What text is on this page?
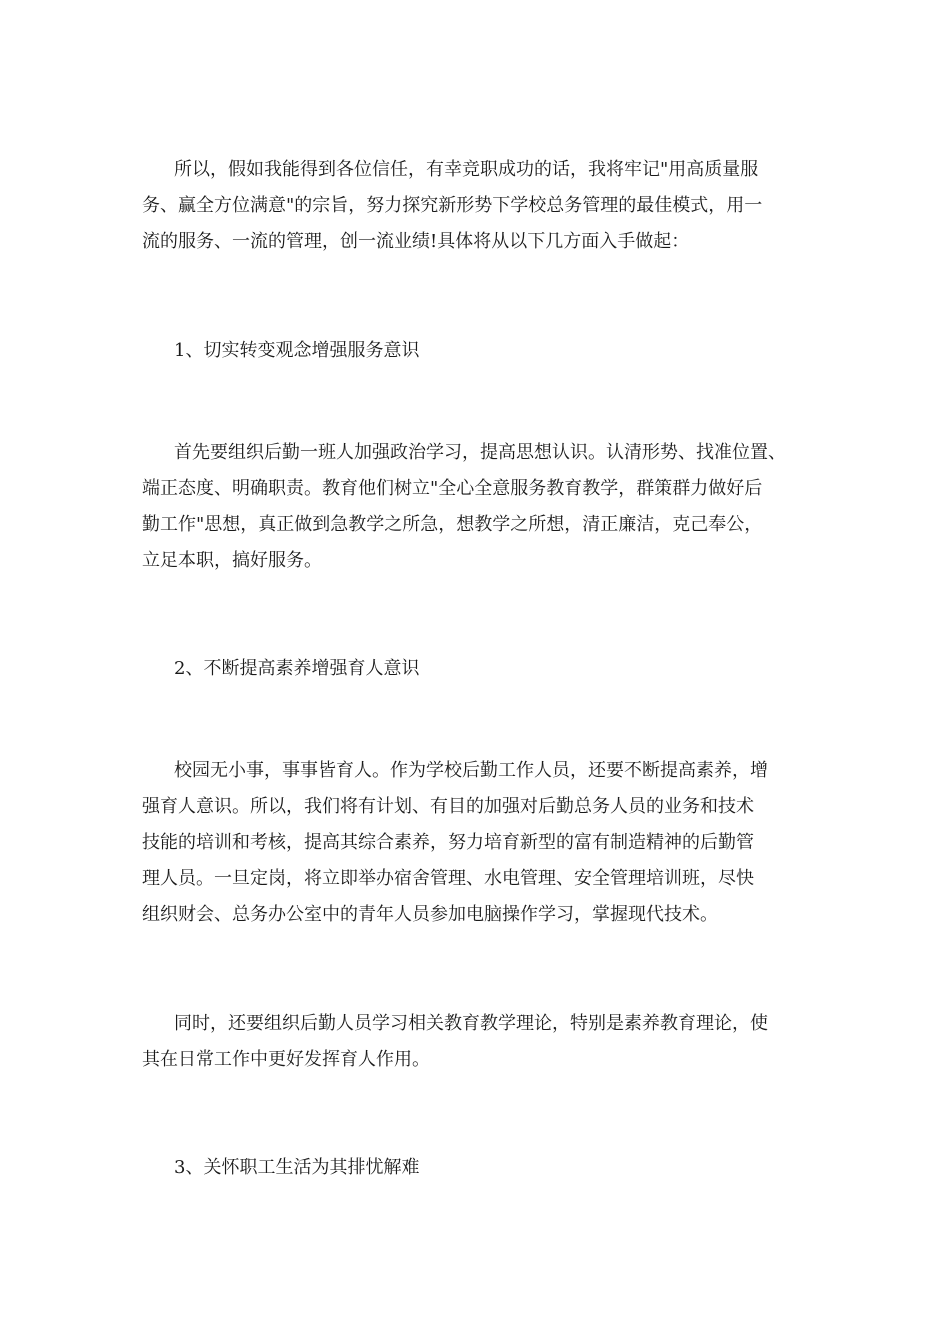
所以，假如我能得到各位信任，有幸竞职成功的话，我将牢记"用高质量服
务、赢全方位满意"的宗旨，努力探究新形势下学校总务管理的最佳模式，用一
流的服务、一流的管理，创一流业绩!具体将从以下几方面入手做起：

1、切实转变观念增强服务意识

首先要组织后勤一班人加强政治学习，提高思想认识。认清形势、找准位置、
端正态度、明确职责。教育他们树立"全心全意服务教育教学，群策群力做好后
勤工作"思想，真正做到急教学之所急，想教学之所想，清正廉洁，克己奉公，
立足本职，搞好服务。

2、不断提高素养增强育人意识

校园无小事，事事皆育人。作为学校后勤工作人员，还要不断提高素养，增
强育人意识。所以，我们将有计划、有目的加强对后勤总务人员的业务和技术
技能的培训和考核，提高其综合素养，努力培育新型的富有制造精神的后勤管
理人员。一旦定岗，将立即举办宿舍管理、水电管理、安全管理培训班，尽快
组织财会、总务办公室中的青年人员参加电脑操作学习，掌握现代技术。
同时，还要组织后勤人员学习相关教育教学理论，特别是素养教育理论，使
其在日常工作中更好发挥育人作用。

3、关怀职工生活为其排忧解难
